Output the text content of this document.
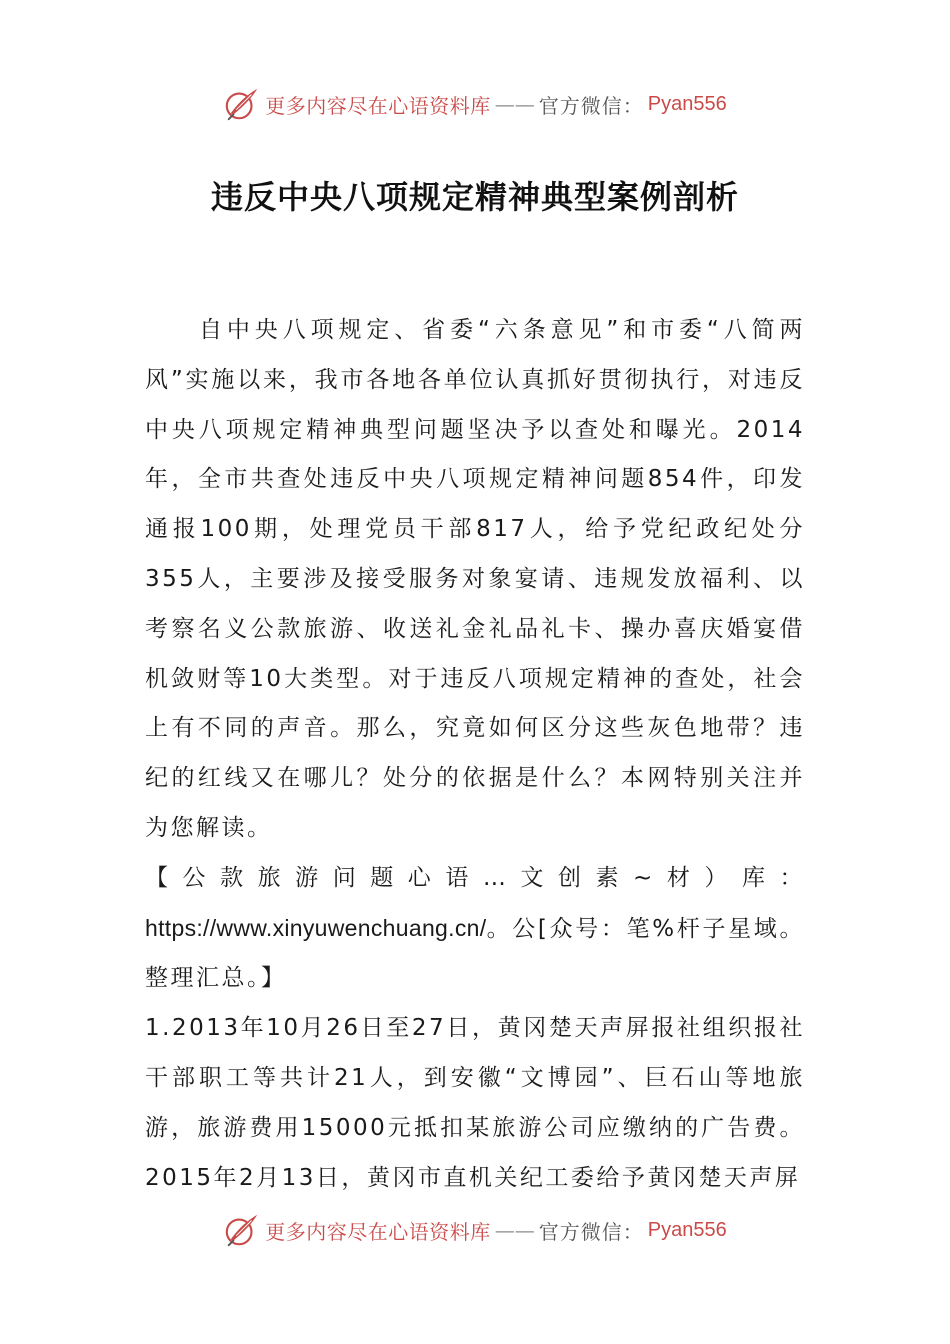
更多内容尽在心语资料库 —— 官方微信： Pyan556
违反中央八项规定精神典型案例剖析

自中央八项规定、省委“六条意见”和市委“八简两风”实施以来，我市各地各单位认真抓好贯彻执行，对违反中央八项规定精神典型问题坚决予以查处和曝光。2014年，全市共查处违反中央八项规定精神问题854件，印发通报100期，处理党员干部817人，给予党纪政纪处分355人，主要涉及接受服务对象宴请、违规发放福利、以考察名义公款旅游、收送礼金礼品礼卡、操办喜庆婚宴借机敛财等10大类型。对于违反八项规定精神的查处，社会上有不同的声音。那么，究竟如何区分这些灰色地带？违纪的红线又在哪儿？处分的依据是什么？本网特别关注并为您解读。

【公款旅游问题心语…文创素~材）库：https://www.xinyuwenchuang.cn/。公[众号：笔%杆子星域。整理汇总。】

1.2013年10月26日至27日，黄冈楚天声屏报社组织报社干部职工等共计21人，到安徽“文博园”、巨石山等地旅游，旅游费用15000元抵扣某旅游公司应缴纳的广告费。2015年2月13日，黄冈市直机关纪工委给予黄冈楚天声屏

更多内容尽在心语资料库 —— 官方微信： Pyan556
